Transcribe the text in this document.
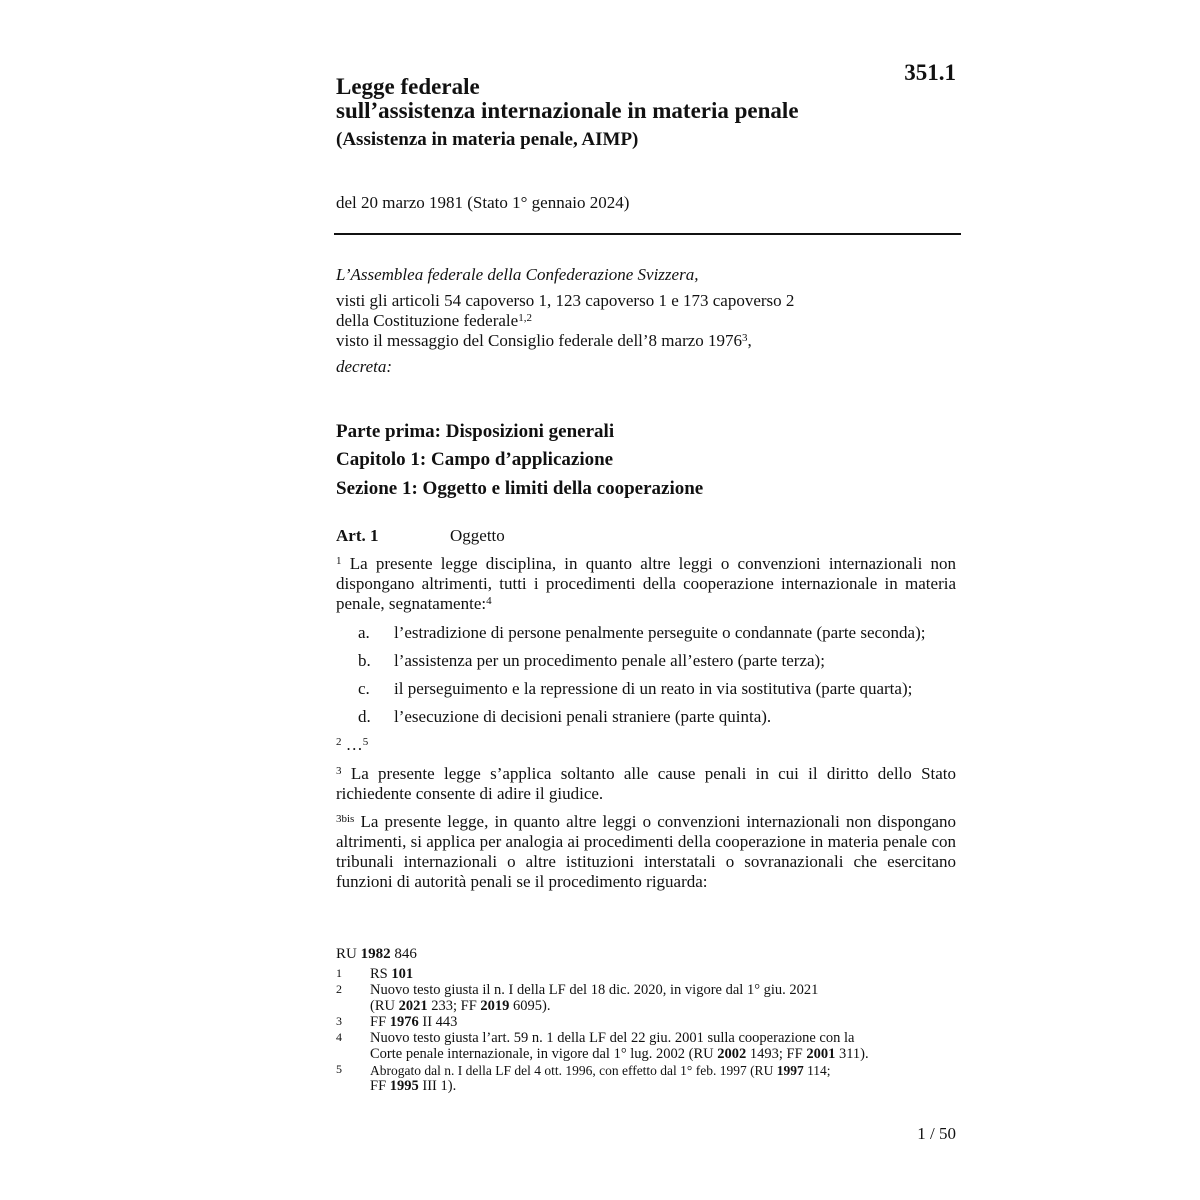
351.1
Legge federale
sull’assistenza internazionale in materia penale
(Assistenza in materia penale, AIMP)
del 20 marzo 1981 (Stato 1° gennaio 2024)
L’Assemblea federale della Confederazione Svizzera,
visti gli articoli 54 capoverso 1, 123 capoverso 1 e 173 capoverso 2
della Costituzione federale$^{1,2}$
visto il messaggio del Consiglio federale dell’8 marzo 1976$^3$,
decreta:
Parte prima: Disposizioni generali
Capitolo 1: Campo d’applicazione
Sezione 1: Oggetto e limiti della cooperazione
Art. 1	Oggetto
$^1$ La presente legge disciplina, in quanto altre leggi o convenzioni internazionali non dispongano altrimenti, tutti i procedimenti della cooperazione internazionale in materia penale, segnatamente:$^4$
a. l’estradizione di persone penalmente perseguite o condannate (parte seconda);
b. l’assistenza per un procedimento penale all’estero (parte terza);
c. il perseguimento e la repressione di un reato in via sostitutiva (parte quarta);
d. l’esecuzione di decisioni penali straniere (parte quinta).
$^2$ …$^5$
$^3$ La presente legge s’applica soltanto alle cause penali in cui il diritto dello Stato richiedente consente di adire il giudice.
$^{3bis}$ La presente legge, in quanto altre leggi o convenzioni internazionali non dispongano altrimenti, si applica per analogia ai procedimenti della cooperazione in materia penale con tribunali internazionali o altre istituzioni interstatali o sovranazionali che esercitano funzioni di autorità penali se il procedimento riguarda:
RU 1982 846
1 RS 101
2 Nuovo testo giusta il n. I della LF del 18 dic. 2020, in vigore dal 1° giu. 2021
(RU 2021 233; FF 2019 6095).
3 FF 1976 II 443
4 Nuovo testo giusta l’art. 59 n. 1 della LF del 22 giu. 2001 sulla cooperazione con la
Corte penale internazionale, in vigore dal 1° lug. 2002 (RU 2002 1493; FF 2001 311).
5 Abrogato dal n. I della LF del 4 ott. 1996, con effetto dal 1° feb. 1997 (RU 1997 114;
FF 1995 III 1).
1 / 50
